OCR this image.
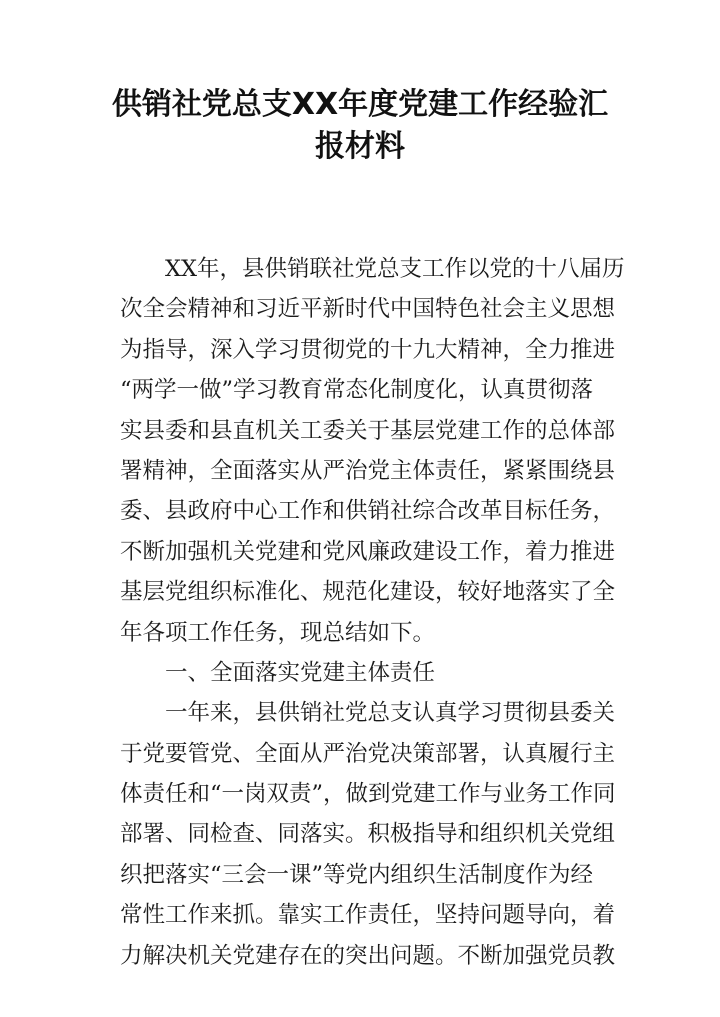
供销社党总支XX年度党建工作经验汇
报材料
XX年，县供销联社党总支工作以党的十八届历
次全会精神和习近平新时代中国特色社会主义思想
为指导，深入学习贯彻党的十九大精神，全力推进
“两学一做”学习教育常态化制度化，认真贯彻落
实县委和县直机关工委关于基层党建工作的总体部
署精神，全面落实从严治党主体责任，紧紧围绕县
委、县政府中心工作和供销社综合改革目标任务，
不断加强机关党建和党风廉政建设工作，着力推进
基层党组织标准化、规范化建设，较好地落实了全
年各项工作任务，现总结如下。
一、全面落实党建主体责任
一年来，县供销社党总支认真学习贯彻县委关
于党要管党、全面从严治党决策部署，认真履行主
体责任和“一岗双责”，做到党建工作与业务工作同
部署、同检查、同落实。积极指导和组织机关党组
织把落实“三会一课”等党内组织生活制度作为经
常性工作来抓。靠实工作责任，坚持问题导向，着
力解决机关党建存在的突出问题。不断加强党员教
